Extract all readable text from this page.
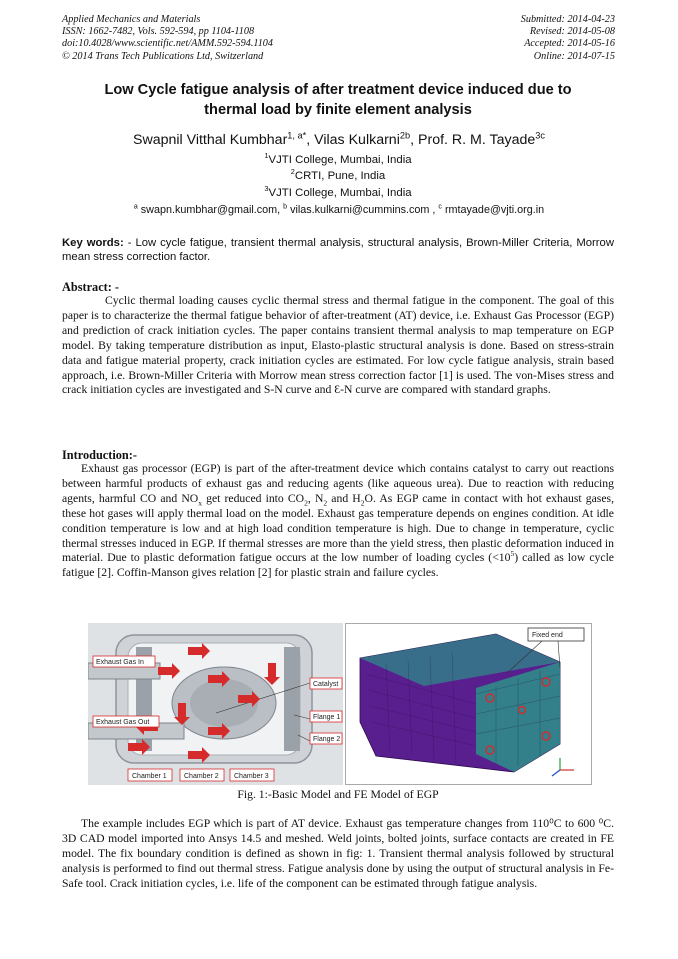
Applied Mechanics and Materials
ISSN: 1662-7482, Vols. 592-594, pp 1104-1108
doi:10.4028/www.scientific.net/AMM.592-594.1104
© 2014 Trans Tech Publications Ltd, Switzerland
Submitted: 2014-04-23
Revised: 2014-05-08
Accepted: 2014-05-16
Online: 2014-07-15
Low Cycle fatigue analysis of after treatment device induced due to
thermal load by finite element analysis
Swapnil Vitthal Kumbhar$^{1, a*}$, Vilas Kulkarni$^{2b}$, Prof. R. M. Tayade$^{3c}$
$^1$VJTI College, Mumbai, India
$^2$CRTI, Pune, India
$^3$VJTI College, Mumbai, India
$^a$ swapn.kumbhar@gmail.com, $^b$ vilas.kulkarni@cummins.com , $^c$ rmtayade@vjti.org.in
Key words: - Low cycle fatigue, transient thermal analysis, structural analysis, Brown-Miller Criteria, Morrow mean stress correction factor.
Abstract: -
Cyclic thermal loading causes cyclic thermal stress and thermal fatigue in the component. The goal of this paper is to characterize the thermal fatigue behavior of after-treatment (AT) device, i.e. Exhaust Gas Processor (EGP) and prediction of crack initiation cycles. The paper contains transient thermal analysis to map temperature on EGP model. By taking temperature distribution as input, Elasto-plastic structural analysis is done. Based on stress-strain data and fatigue material property, crack initiation cycles are estimated. For low cycle fatigue analysis, strain based approach, i.e. Brown-Miller Criteria with Morrow mean stress correction factor [1] is used. The von-Mises stress and crack initiation cycles are investigated and S-N curve and Ɛ-N curve are compared with standard graphs.
Introduction:-
Exhaust gas processor (EGP) is part of the after-treatment device which contains catalyst to carry out reactions between harmful products of exhaust gas and reducing agents (like aqueous urea). Due to reaction with reducing agents, harmful CO and $NO_x$ get reduced into $CO_2$, $N_2$ and $H_2O$. As EGP came in contact with hot exhaust gases, these hot gases will apply thermal load on the model. Exhaust gas temperature depends on engines condition. At idle condition temperature is low and at high load condition temperature is high. Due to change in temperature, cyclic thermal stresses induced in EGP. If thermal stresses are more than the yield stress, then plastic deformation induced in material. Due to plastic deformation fatigue occurs at the low number of loading cycles $(<10^5)$ called as low cycle fatigue [2]. Coffin-Manson gives relation [2] for plastic strain and failure cycles.
Exhaust Gas In
Exhaust Gas Out
Catalyst
Flange 1
Flange 2
Chamber 1 Chamber 2 Chamber 3
Fixed end
Fig. 1:-Basic Model and FE Model of EGP
The example includes EGP which is part of AT device. Exhaust gas temperature changes from 110⁰C to 600 ⁰C. 3D CAD model imported into Ansys 14.5 and meshed. Weld joints, bolted joints, surface contacts are created in FE model. The fix boundary condition is defined as shown in fig: 1. Transient thermal analysis followed by structural analysis is performed to find out thermal stress. Fatigue analysis done by using the output of structural analysis in Fe-Safe tool. Crack initiation cycles, i.e. life of the component can be estimated through fatigue analysis.
